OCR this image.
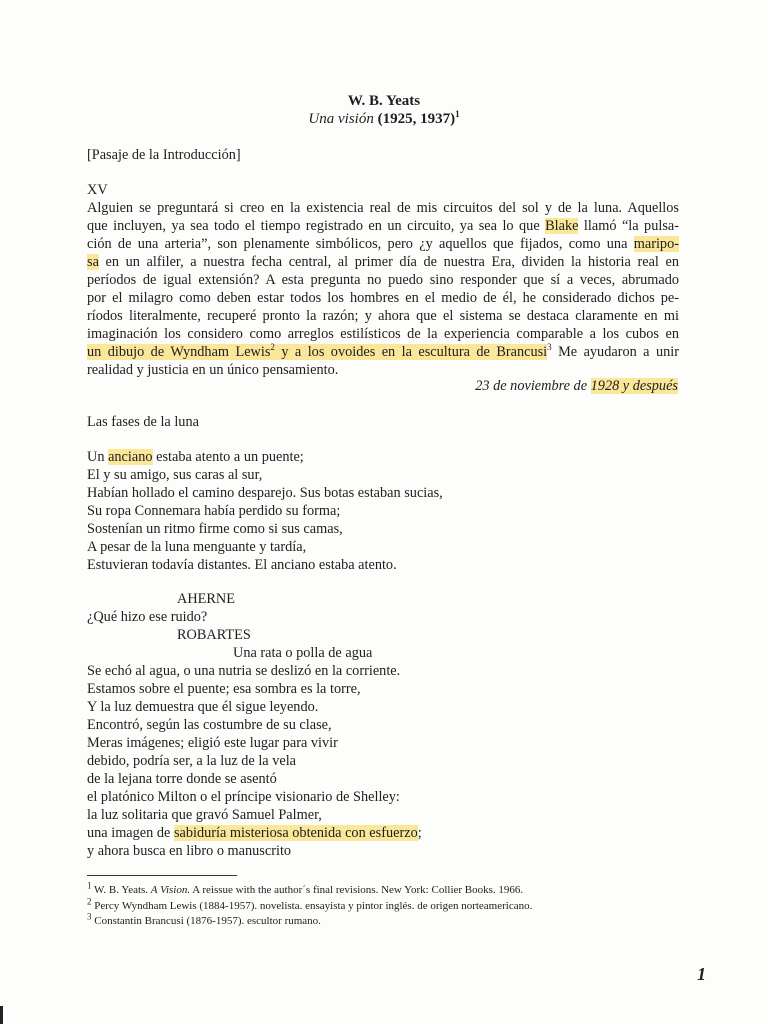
W. B. Yeats
Una visión (1925, 1937)$^1$
[Pasaje de la Introducción]
XV
Alguien se preguntará si creo en la existencia real de mis circuitos del sol y de la luna. Aquellos
que incluyen, ya sea todo el tiempo registrado en un circuito, ya sea lo que Blake llamó “la pulsa-
ción de una arteria”, son plenamente simbólicos, pero ¿y aquellos que fijados, como una maripo-
sa en un alfiler, a nuestra fecha central, al primer día de nuestra Era, dividen la historia real en
períodos de igual extensión? A esta pregunta no puedo sino responder que sí a veces, abrumado
por el milagro como deben estar todos los hombres en el medio de él, he considerado dichos pe-
ríodos literalmente, recuperé pronto la razón; y ahora que el sistema se destaca claramente en mi
imaginación los considero como arreglos estilísticos de la experiencia comparable a los cubos en
un dibujo de Wyndham Lewis$^2$ y a los ovoides en la escultura de Brancusi$^3$ Me ayudaron a unir
realidad y justicia en un único pensamiento.
23 de noviembre de 1928 y después
Las fases de la luna
Un anciano estaba atento a un puente;
El y su amigo, sus caras al sur,
Habían hollado el camino desparejo. Sus botas estaban sucias,
Su ropa Connemara había perdido su forma;
Sostenían un ritmo firme como si sus camas,
A pesar de la luna menguante y tardía,
Estuvieran todavía distantes. El anciano estaba atento.
AHERNE
¿Qué hizo ese ruido?
ROBARTES
Una rata o polla de agua
Se echó al agua, o una nutria se deslizó en la corriente.
Estamos sobre el puente; esa sombra es la torre,
Y la luz demuestra que él sigue leyendo.
Encontró, según las costumbre de su clase,
Meras imágenes; eligió este lugar para vivir
debido, podría ser, a la luz de la vela
de la lejana torre donde se asentó
el platónico Milton o el príncipe visionario de Shelley:
la luz solitaria que gravó Samuel Palmer,
una imagen de sabiduría misteriosa obtenida con esfuerzo;
y ahora busca en libro o manuscrito
$^1$ W. B. Yeats. A Vision. A reissue with the author´s final revisions. New York: Collier Books. 1966.
$^2$ Percy Wyndham Lewis (1884-1957). novelista. ensayista y pintor inglés. de origen norteamericano.
$^3$ Constantin Brancusi (1876-1957). escultor rumano.
1
